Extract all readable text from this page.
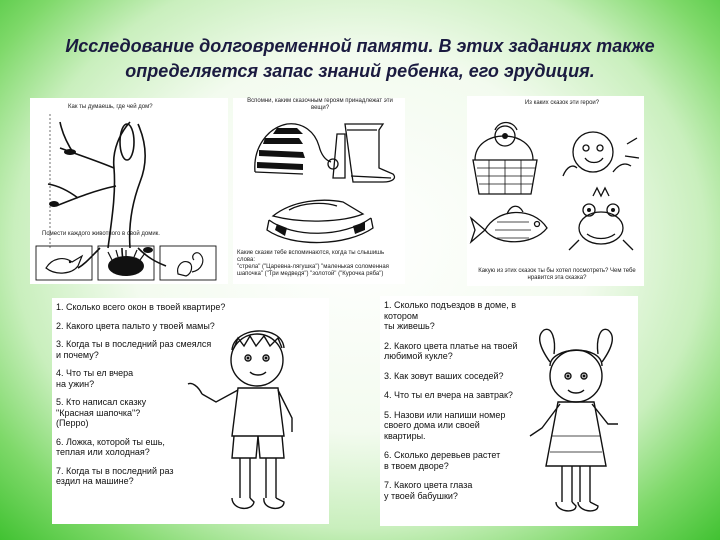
Исследование долговременной памяти. В этих заданиях также определяется запас знаний ребенка, его эрудиция.
Как ты думаешь, где чей дом?
Помести каждого животного в свой домик.
Вспомни, каким сказочным героям принадлежат эти вещи?
Какие сказки тебе вспоминаются, когда ты слышишь слова:
"стрела" ("Царевна-лягушка") "маленькая соломенная шапочка" ("Три медведя") "золотой" ("Курочка ряба")
Из каких сказок эти герои?
Какую из этих сказок ты бы хотел посмотреть? Чем тебе нравится эта сказка?
1. Сколько всего окон в твоей квартире?
2. Какого цвета пальто у твоей мамы?
3. Когда ты в последний раз смеялся
и почему?
4. Что ты ел вчера
на ужин?
5. Кто написал сказку
"Красная шапочка"?
(Перро)
6. Ложка, которой ты ешь,
теплая или холодная?
7. Когда ты в последний раз
ездил на машине?
1. Сколько подъездов в доме, в котором
ты живешь?
2. Какого цвета платье на твоей
любимой кукле?
3. Как зовут ваших соседей?
4. Что ты ел вчера на завтрак?
5. Назови или напиши номер
своего дома или своей
квартиры.
6. Сколько деревьев растет
в твоем дворе?
7. Какого цвета глаза
у твоей бабушки?
